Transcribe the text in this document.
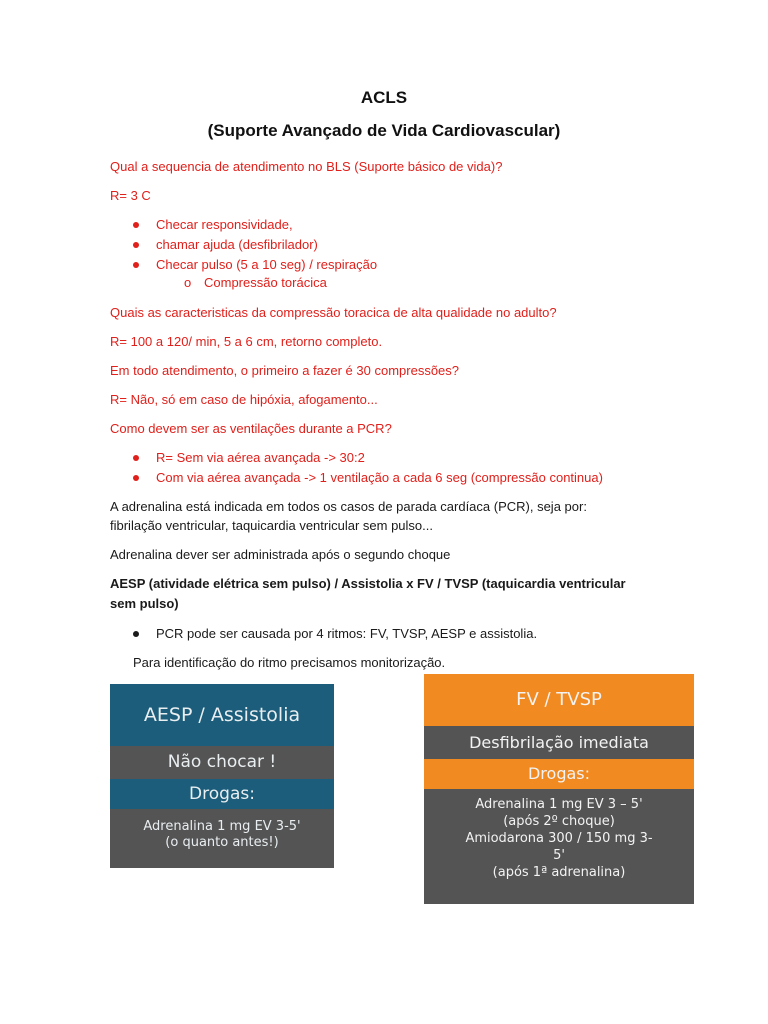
ACLS
(Suporte Avançado de Vida Cardiovascular)
Qual a sequencia de atendimento no BLS (Suporte básico de vida)?
R= 3 C
Checar responsividade,
chamar ajuda (desfibrilador)
Checar pulso (5 a 10 seg) / respiração
o Compressão torácica
Quais as caracteristicas da compressão toracica de alta qualidade no adulto?
R= 100 a 120/ min, 5 a 6 cm, retorno completo.
Em todo atendimento, o primeiro a fazer é 30 compressões?
R= Não, só em caso de hipóxia, afogamento...
Como devem ser as ventilações durante a PCR?
R= Sem via aérea avançada -> 30:2
Com via aérea avançada -> 1 ventilação a cada 6 seg (compressão continua)
A adrenalina está indicada em todos os casos de parada cardíaca (PCR), seja por:
fibrilação ventricular, taquicardia ventricular sem pulso...
Adrenalina dever ser administrada após o segundo choque
AESP (atividade elétrica sem pulso) / Assistolia x FV / TVSP (taquicardia ventricular
sem pulso)
PCR pode ser causada por 4 ritmos: FV, TVSP, AESP e assistolia.
Para identificação do ritmo precisamos monitorização.
AESP / Assistolia
Não chocar !
Drogas:
Adrenalina 1 mg EV 3-5'
(o quanto antes!)
FV / TVSP
Desfibrilação imediata
Drogas:
Adrenalina 1 mg EV 3 – 5'
(após 2º choque)
Amiodarona 300 / 150 mg 3-
5'
(após 1ª adrenalina)
